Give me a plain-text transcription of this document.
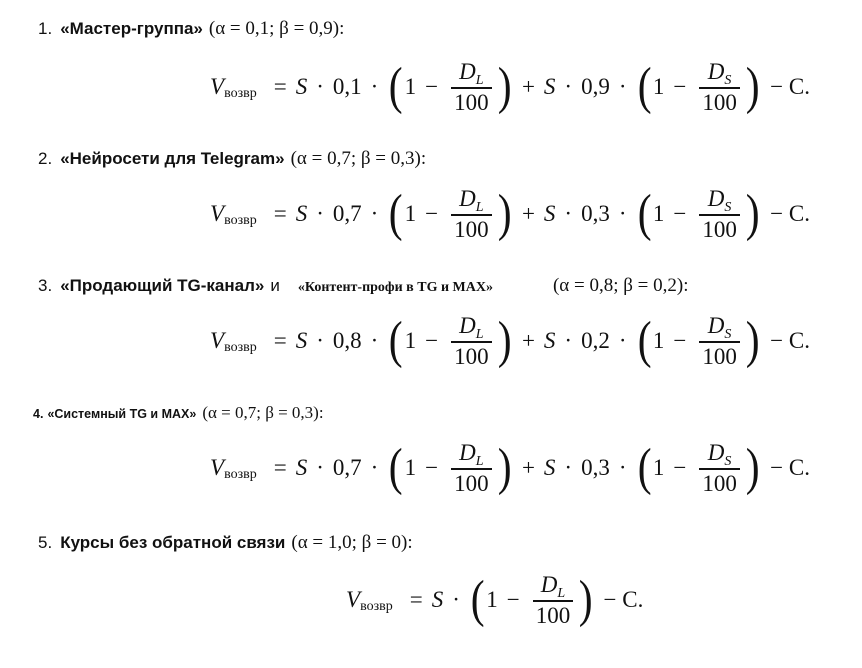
1. «Мастер-группа» (α = 0,1; β = 0,9):
V возвр = S · 0,1 · ( $1 - \frac{D_L}{100}$ ) + S · 0,9 · ( $1 - \frac{D_S}{100}$ ) − C.
2. «Нейросети для Telegram» (α = 0,7; β = 0,3):
V возвр = S · 0,7 · ( $1 - \frac{D_L}{100}$ ) + S · 0,3 · ( $1 - \frac{D_S}{100}$ ) − C.
3. «Продающий TG-канал» и «Контент-профи в TG и MAX»	(α = 0,8; β = 0,2):
V возвр = S · 0,8 · ( $1 - \frac{D_L}{100}$ ) + S · 0,2 · ( $1 - \frac{D_S}{100}$ ) − C.
4. «Системный TG и MAX» (α = 0,7; β = 0,3):
V возвр = S · 0,7 · ( $1 - \frac{D_L}{100}$ ) + S · 0,3 · ( $1 - \frac{D_S}{100}$ ) − C.
5. Курсы без обратной связи (α = 1,0; β = 0):
V возвр = S · ( $1 - \frac{D_L}{100}$ ) − C.
